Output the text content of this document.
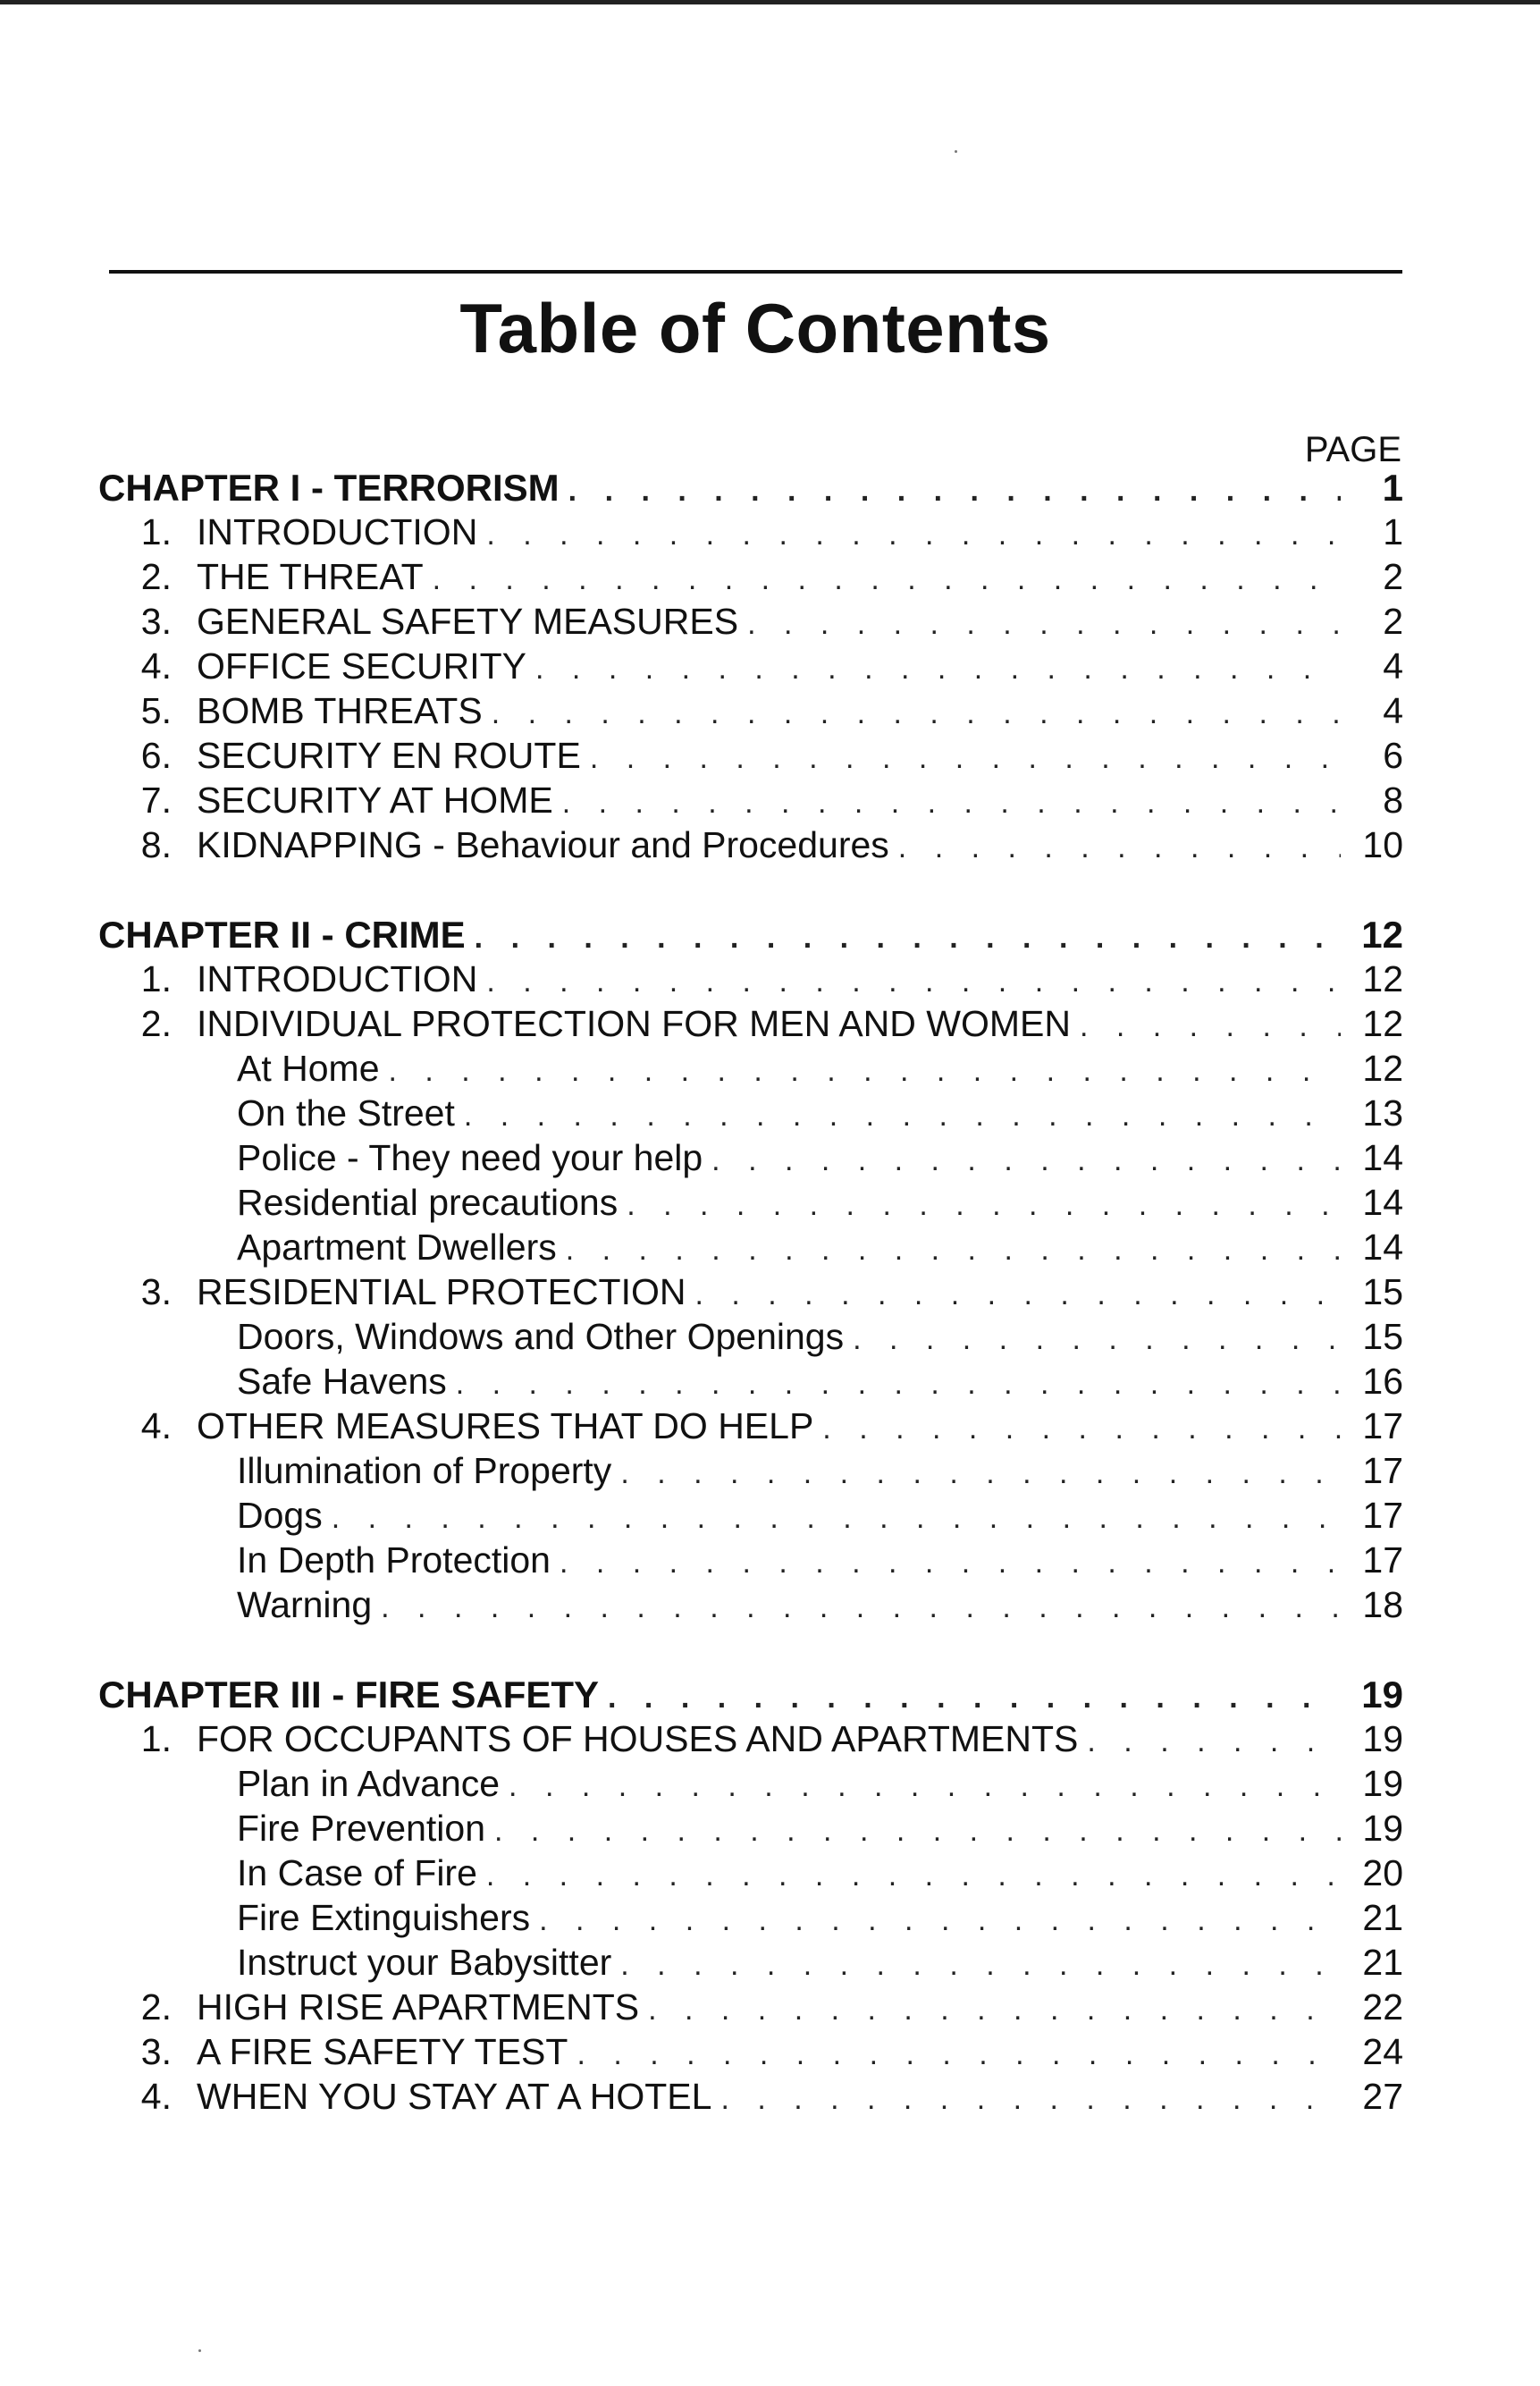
Table of Contents
PAGE
CHAPTER I - TERRORISM . . .	1
1. INTRODUCTION . . .	1
2. THE THREAT . . .	2
3. GENERAL SAFETY MEASURES . . .	2
4. OFFICE SECURITY . . .	4
5. BOMB THREATS . . .	4
6. SECURITY EN ROUTE . . .	6
7. SECURITY AT HOME . . .	8
8. KIDNAPPING - Behaviour and Procedures . . .	10
CHAPTER II - CRIME . . .	12
1. INTRODUCTION . . .	12
2. INDIVIDUAL PROTECTION FOR MEN AND WOMEN . . .	12
At Home . . .	12
On the Street . . .	13
Police - They need your help . . .	14
Residential precautions . . .	14
Apartment Dwellers . . .	14
3. RESIDENTIAL PROTECTION . . .	15
Doors, Windows and Other Openings . . .	15
Safe Havens . . .	16
4. OTHER MEASURES THAT DO HELP . . .	17
Illumination of Property . . .	17
Dogs . . .	17
In Depth Protection . . .	17
Warning . . .	18
CHAPTER III - FIRE SAFETY . . .	19
1. FOR OCCUPANTS OF HOUSES AND APARTMENTS . . .	19
Plan in Advance . . .	19
Fire Prevention . . .	19
In Case of Fire . . .	20
Fire Extinguishers . . .	21
Instruct your Babysitter . . .	21
2. HIGH RISE APARTMENTS . . .	22
3. A FIRE SAFETY TEST . . .	24
4. WHEN YOU STAY AT A HOTEL . . .	27
